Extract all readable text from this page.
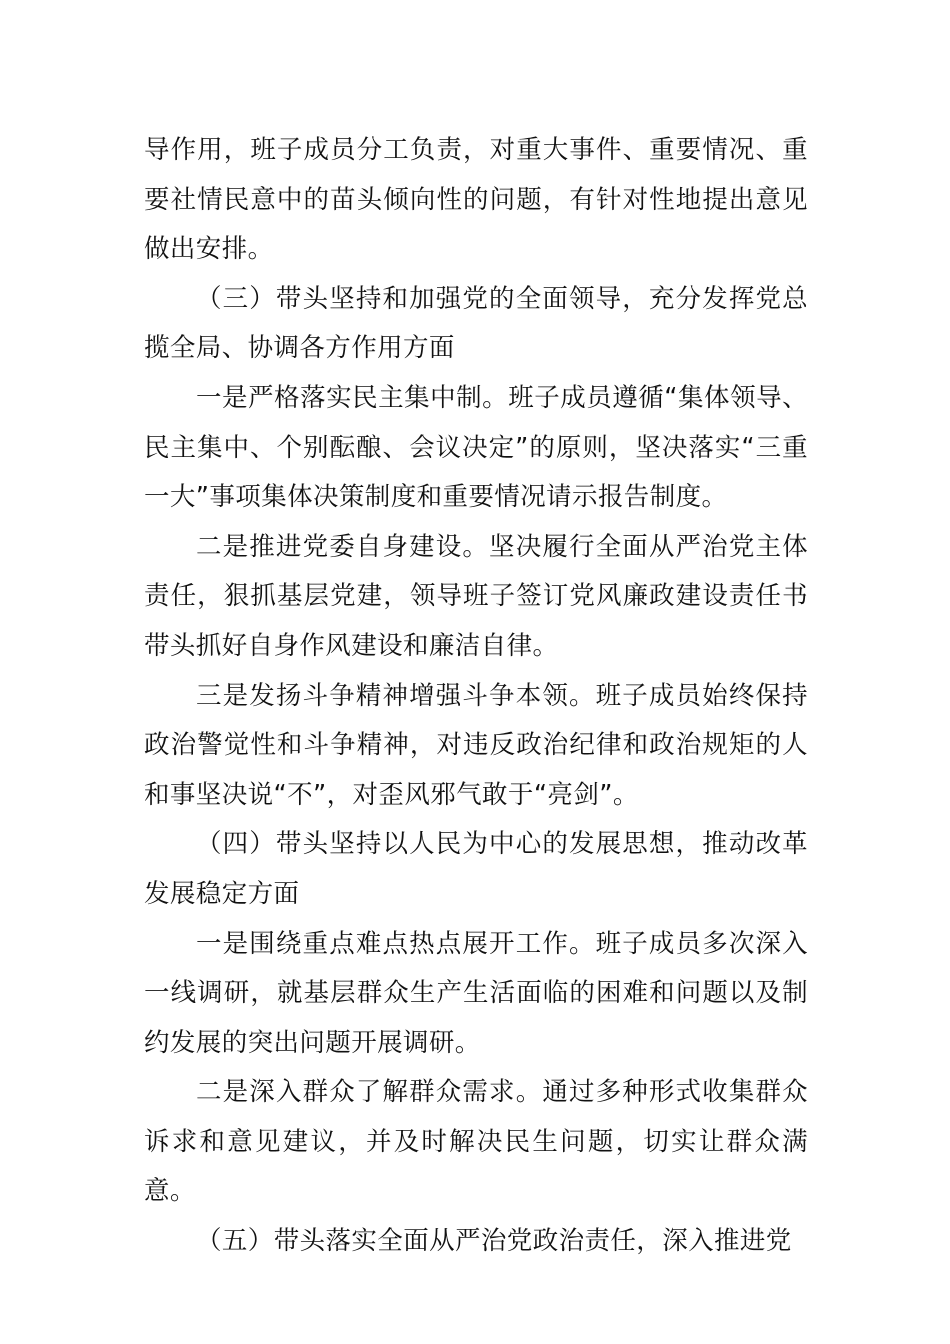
导作用，班子成员分工负责，对重大事件、重要情况、重要社情民意中的苗头倾向性的问题，有针对性地提出意见做出安排。

（三）带头坚持和加强党的全面领导，充分发挥党总揽全局、协调各方作用方面

一是严格落实民主集中制。班子成员遵循“集体领导、民主集中、个别酝酿、会议决定”的原则，坚决落实“三重一大”事项集体决策制度和重要情况请示报告制度。

二是推进党委自身建设。坚决履行全面从严治党主体责任，狠抓基层党建，领导班子签订党风廉政建设责任书带头抓好自身作风建设和廉洁自律。

三是发扬斗争精神增强斗争本领。班子成员始终保持政治警觉性和斗争精神，对违反政治纪律和政治规矩的人和事坚决说“不”，对歪风邪气敢于“亮剑”。

（四）带头坚持以人民为中心的发展思想，推动改革发展稳定方面

一是围绕重点难点热点展开工作。班子成员多次深入一线调研，就基层群众生产生活面临的困难和问题以及制约发展的突出问题开展调研。

二是深入群众了解群众需求。通过多种形式收集群众诉求和意见建议，并及时解决民生问题，切实让群众满意。

（五）带头落实全面从严治党政治责任，深入推进党
